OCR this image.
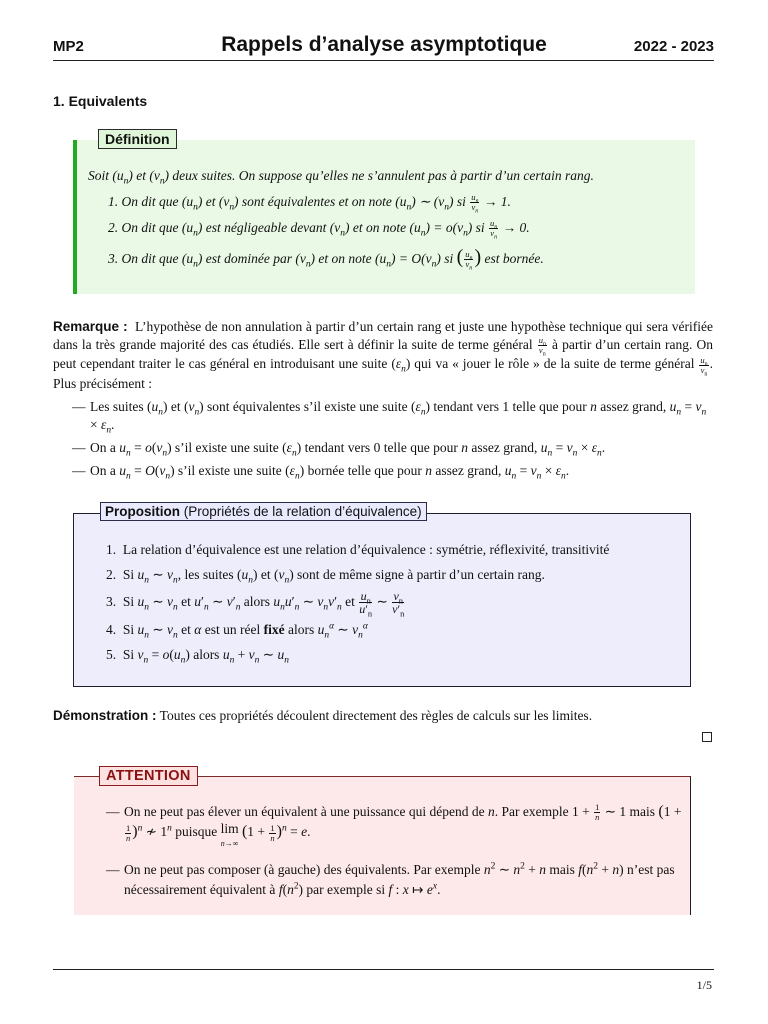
MP2	Rappels d’analyse asymptotique	2022 - 2023
1. Equivalents
Définition
Soit $(u_n)$ et $(v_n)$ deux suites. On suppose qu’elles ne s’annulent pas à partir d’un certain rang.
1. On dit que $(u_n)$ et $(v_n)$ sont équivalentes et on note $(u_n)$ ∼ $(v_n)$ si $\frac{u_n}{v_n} \to 1$.
2. On dit que $(u_n)$ est négligeable devant $(v_n)$ et on note $(u_n) = o(v_n)$ si $\frac{u_n}{v_n} \to 0$.
3. On dit que $(u_n)$ est dominée par $(v_n)$ et on note $(u_n) = O(v_n)$ si ( $\frac{u_n}{v_n}$ ) est bornée.
Remarque :  L’hypothèse de non annulation à partir d’un certain rang et juste une hypothèse technique qui sera vérifiée dans la très grande majorité des cas étudiés. Elle sert à définir la suite de terme général $\frac{u_n}{v_n}$ à partir d’un certain rang. On peut cependant traiter le cas général en introduisant une suite $(\varepsilon_n)$ qui va « jouer le rôle » de la suite de terme général $\frac{u_n}{v_n}$ . Plus précisément :
— Les suites $(u_n)$ et $(v_n)$ sont équivalentes s’il existe une suite $(\varepsilon_n)$ tendant vers 1 telle que pour n assez grand, $u_n = v_n \times \varepsilon_n$.
— On a $u_n = o(v_n)$ s’il existe une suite $(\varepsilon_n)$ tendant vers 0 telle que pour n assez grand, $u_n = v_n \times \varepsilon_n$.
— On a $u_n = O(v_n)$ s’il existe une suite $(\varepsilon_n)$ bornée telle que pour n assez grand, $u_n = v_n \times \varepsilon_n$.
Proposition (Propriétés de la relation d’équivalence)
1.  La relation d’équivalence est une relation d’équivalence : symétrie, réflexivité, transitivité
2.  Si $u_n$ ∼ $v_n$, les suites $(u_n)$ et $(v_n)$ sont de même signe à partir d’un certain rang.
3.  Si $u_n$ ∼ $v_n$ et $u'_n$ ∼ $v'_n$ alors $u_nu'_n$ ∼ $v_nv'_n$ et $\frac{u_n}{u'_n}$ ∼ $\frac{v_n}{v'_n}$
4.  Si $u_n$ ∼ $v_n$ et α est un réel fixé alors $u_n^\alpha$ ∼ $v_n^\alpha$
5.  Si $v_n = o(u_n)$ alors $u_n + v_n$ ∼ $u_n$
Démonstration : Toutes ces propriétés découlent directement des règles de calculs sur les limites.
ATTENTION
— On ne peut pas élever un équivalent à une puissance qui dépend de n. Par exemple $1 + \frac{1}{n}$ ∼ 1 mais (1 +
$\frac{1}{n} )^n$ ≁ 1$^n$ puisque lim
n→∞ $(1 + \frac{1}{n} )^n = e$.
— On ne peut pas composer (à gauche) des équivalents. Par exemple $n^2$ ∼ $n^2 + n$ mais $f(n^2 + n)$ n’est pas nécessairement équivalent à $f(n^2)$ par exemple si f : x ↦ $e^x$.
1/5
